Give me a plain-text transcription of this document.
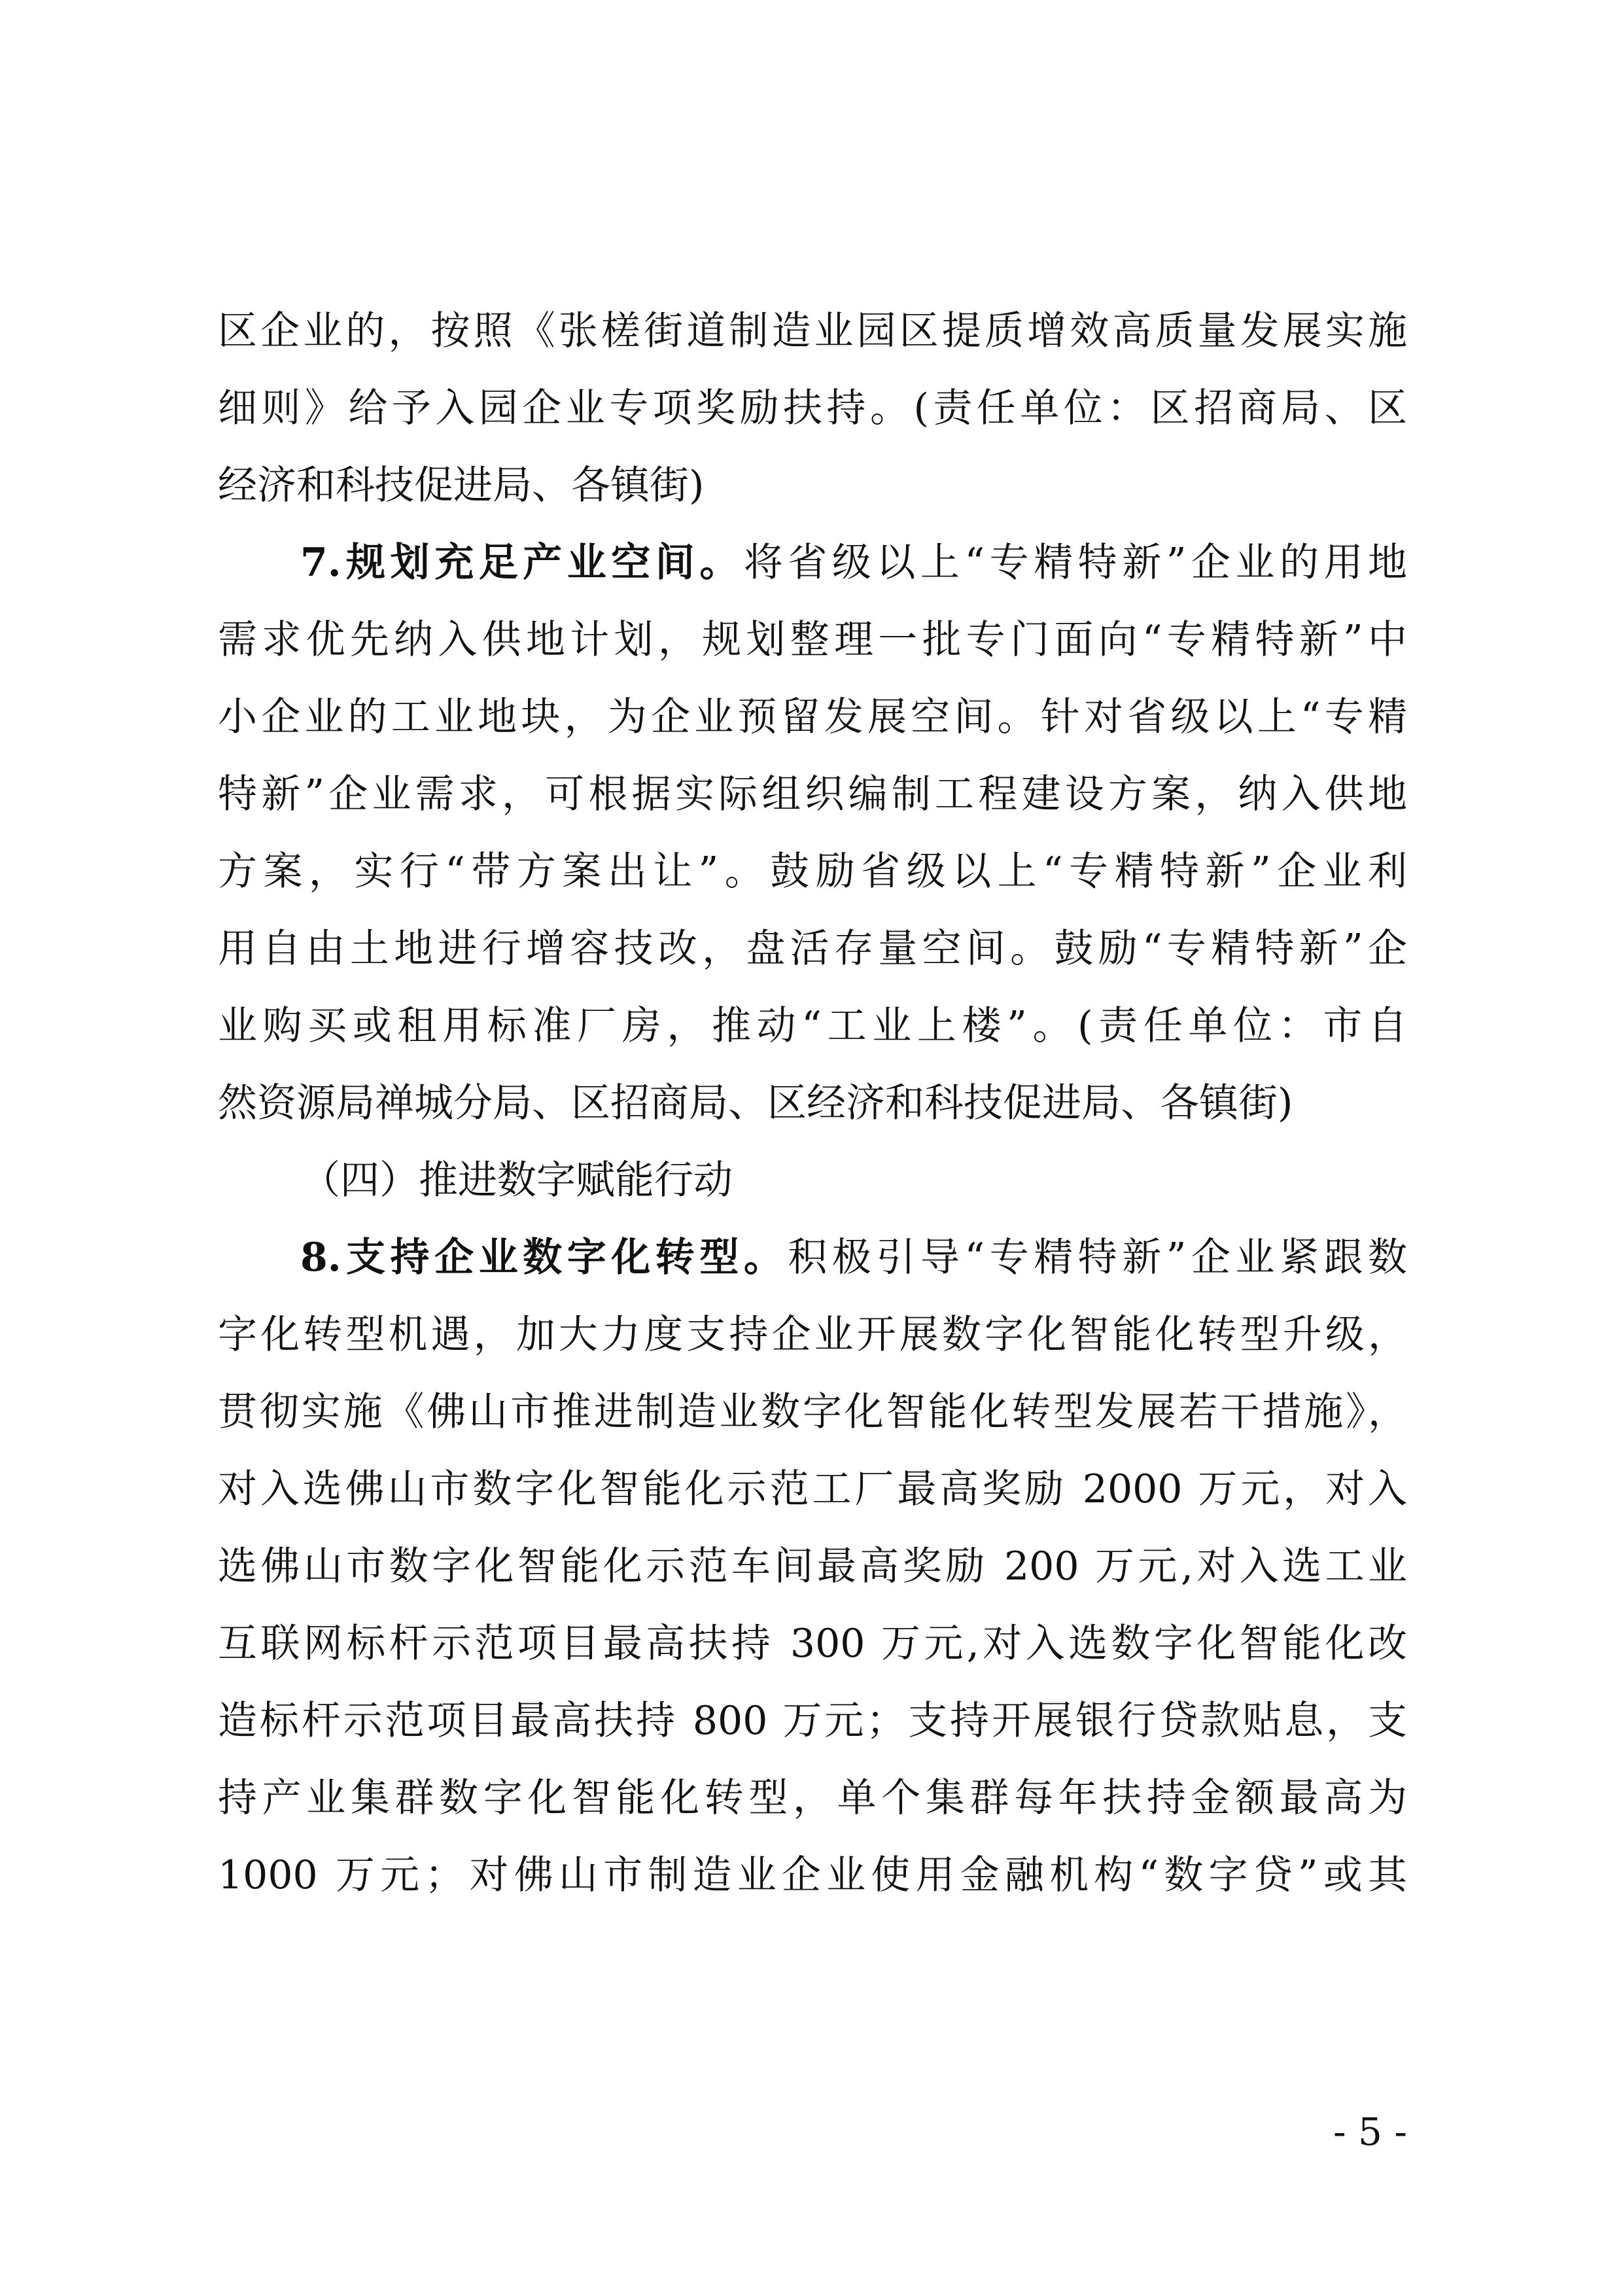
区企业的，按照《张槎街道制造业园区提质增效高质量发展实施
细则》给予入园企业专项奖励扶持。(责任单位：区招商局、区
经济和科技促进局、各镇街)
7.规划充足产业空间。将省级以上“专精特新”企业的用地
需求优先纳入供地计划，规划整理一批专门面向“专精特新”中
小企业的工业地块，为企业预留发展空间。针对省级以上“专精
特新”企业需求，可根据实际组织编制工程建设方案，纳入供地
方案，实行“带方案出让”。鼓励省级以上“专精特新”企业利
用自由土地进行增容技改，盘活存量空间。鼓励“专精特新”企
业购买或租用标准厂房，推动“工业上楼”。(责任单位：市自
然资源局禅城分局、区招商局、区经济和科技促进局、各镇街)
（四）推进数字赋能行动
8.支持企业数字化转型。积极引导“专精特新”企业紧跟数
字化转型机遇，加大力度支持企业开展数字化智能化转型升级，
贯彻实施《佛山市推进制造业数字化智能化转型发展若干措施》，
对入选佛山市数字化智能化示范工厂最高奖励 2000 万元，对入
选佛山市数字化智能化示范车间最高奖励 200 万元,对入选工业
互联网标杆示范项目最高扶持 300 万元,对入选数字化智能化改
造标杆示范项目最高扶持 800 万元；支持开展银行贷款贴息，支
持产业集群数字化智能化转型，单个集群每年扶持金额最高为
1000 万元；对佛山市制造业企业使用金融机构“数字贷”或其
- 5 -
